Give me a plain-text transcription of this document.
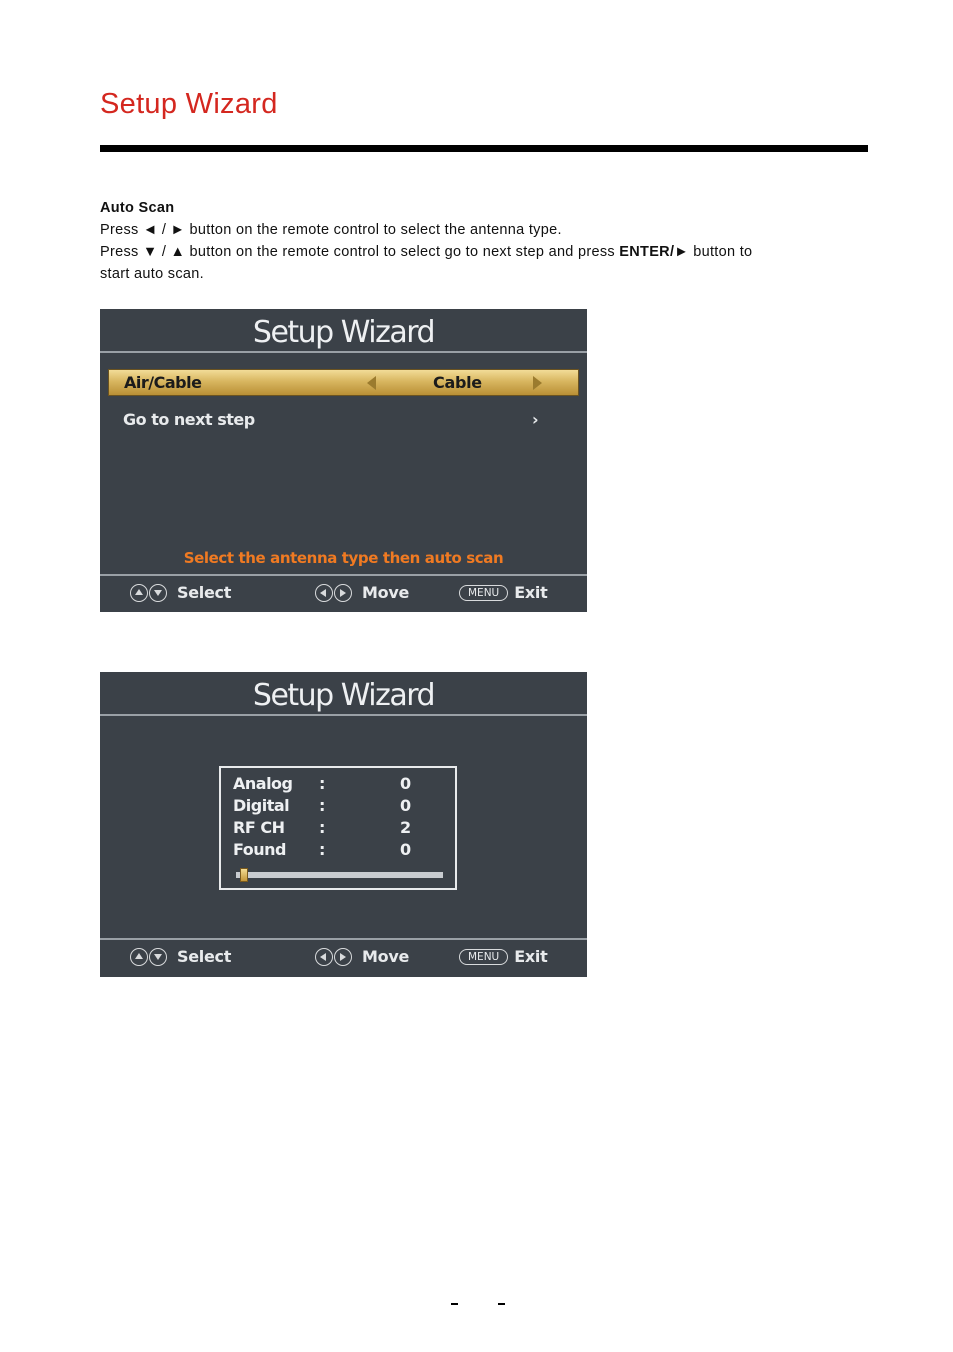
Setup Wizard
Auto Scan
Press ◄ / ► button on the remote control to select the antenna type.
Press ▼ / ▲ button on the remote control to select go to next step and press ENTER/► button to
start auto scan.
Setup Wizard
Air/Cable	Cable
Go to next step	›
Select the antenna type then auto scan
Select	Move	MENU Exit
Setup Wizard
Analog :	0
Digital :	0
RF CH :	2
Found :	0
Select	Move	MENU Exit
